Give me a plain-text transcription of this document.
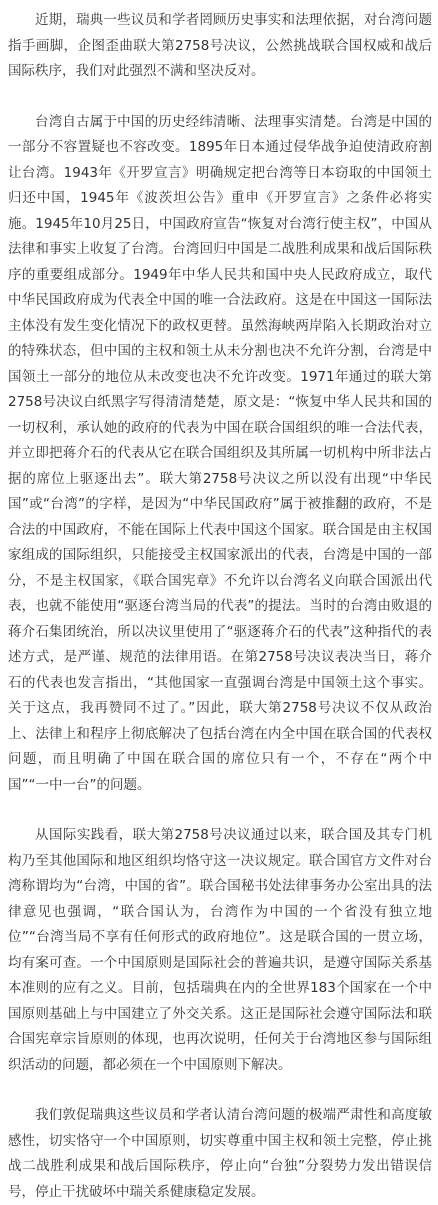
近期，瑞典一些议员和学者罔顾历史事实和法理依据，对台湾问题指手画脚，企图歪曲联大第2758号决议，公然挑战联合国权威和战后国际秩序，我们对此强烈不满和坚决反对。

台湾自古属于中国的历史经纬清晰、法理事实清楚。台湾是中国的一部分不容置疑也不容改变。1895年日本通过侵华战争迫使清政府割让台湾。1943年《开罗宣言》明确规定把台湾等日本窃取的中国领土归还中国，1945年《波茨坦公告》重申《开罗宣言》之条件必将实施。1945年10月25日，中国政府宣告“恢复对台湾行使主权”，中国从法律和事实上收复了台湾。台湾回归中国是二战胜利成果和战后国际秩序的重要组成部分。1949年中华人民共和国中央人民政府成立，取代中华民国政府成为代表全中国的唯一合法政府。这是在中国这一国际法主体没有发生变化情况下的政权更替。虽然海峡两岸陷入长期政治对立的特殊状态，但中国的主权和领土从未分割也决不允许分割，台湾是中国领土一部分的地位从未改变也决不允许改变。1971年通过的联大第2758号决议白纸黑字写得清清楚楚，原文是：“恢复中华人民共和国的一切权利，承认她的政府的代表为中国在联合国组织的唯一合法代表，并立即把蒋介石的代表从它在联合国组织及其所属一切机构中所非法占据的席位上驱逐出去”。联大第2758号决议之所以没有出现“中华民国”或“台湾”的字样，是因为“中华民国政府”属于被推翻的政府，不是合法的中国政府，不能在国际上代表中国这个国家。联合国是由主权国家组成的国际组织，只能接受主权国家派出的代表，台湾是中国的一部分，不是主权国家，《联合国宪章》不允许以台湾名义向联合国派出代表，也就不能使用“驱逐台湾当局的代表”的提法。当时的台湾由败退的蒋介石集团统治，所以决议里使用了“驱逐蒋介石的代表”这种指代的表述方式，是严谨、规范的法律用语。在第2758号决议表决当日，蒋介石的代表也发言指出，“其他国家一直强调台湾是中国领土这个事实。关于这点，我再赞同不过了。”因此，联大第2758号决议不仅从政治上、法律上和程序上彻底解决了包括台湾在内全中国在联合国的代表权问题，而且明确了中国在联合国的席位只有一个，不存在“两个中国”“一中一台”的问题。

从国际实践看，联大第2758号决议通过以来，联合国及其专门机构乃至其他国际和地区组织均恪守这一决议规定。联合国官方文件对台湾称谓均为“台湾，中国的省”。联合国秘书处法律事务办公室出具的法律意见也强调，“联合国认为，台湾作为中国的一个省没有独立地位”“台湾当局不享有任何形式的政府地位”。这是联合国的一贯立场，均有案可查。一个中国原则是国际社会的普遍共识，是遵守国际关系基本准则的应有之义。目前，包括瑞典在内的全世界183个国家在一个中国原则基础上与中国建立了外交关系。这正是国际社会遵守国际法和联合国宪章宗旨原则的体现，也再次说明，任何关于台湾地区参与国际组织活动的问题，都必须在一个中国原则下解决。

我们敦促瑞典这些议员和学者认清台湾问题的极端严肃性和高度敏感性，切实恪守一个中国原则，切实尊重中国主权和领土完整，停止挑战二战胜利成果和战后国际秩序，停止向“台独”分裂势力发出错误信号，停止干扰破坏中瑞关系健康稳定发展。
